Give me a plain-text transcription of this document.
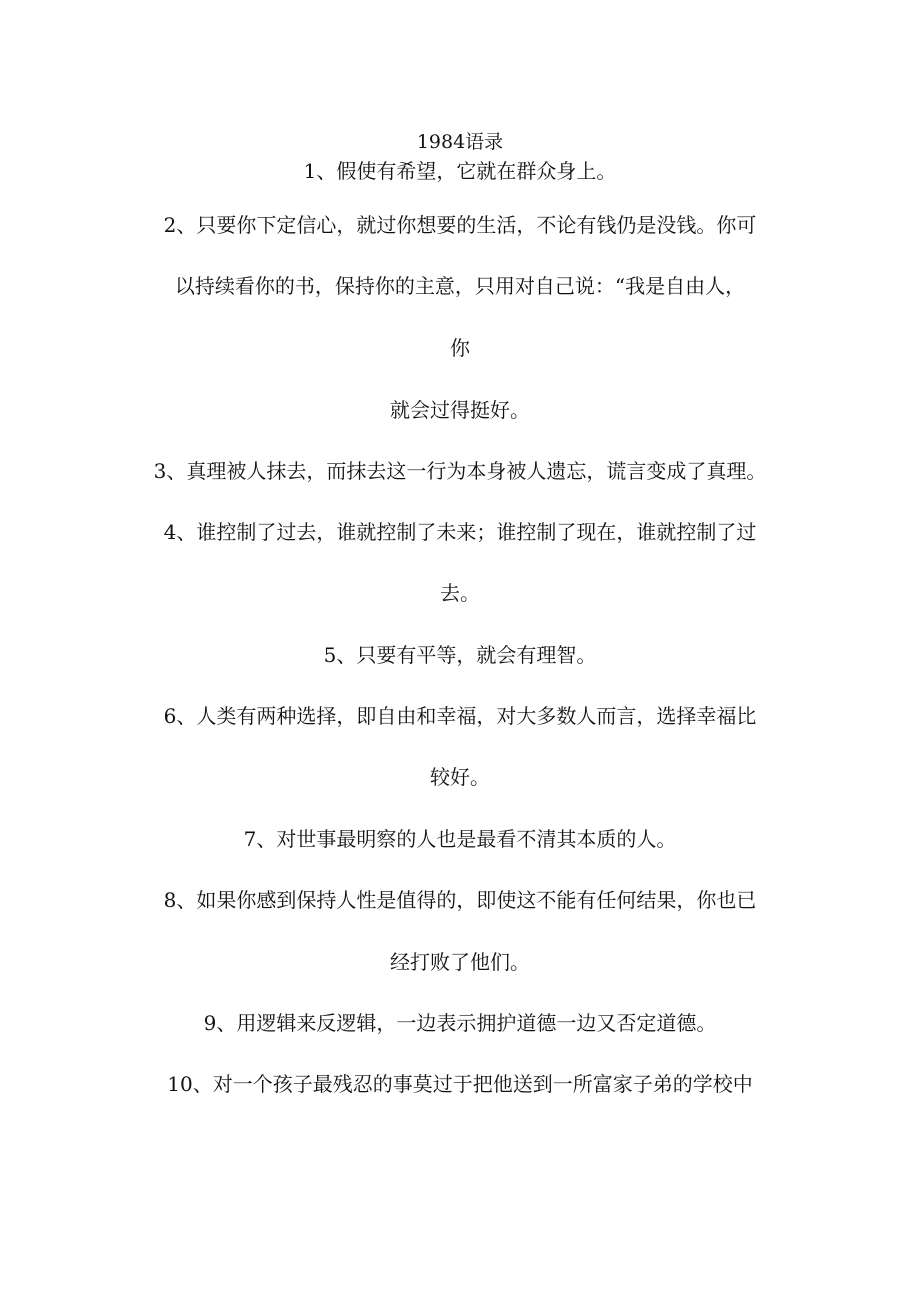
1984语录
1、假使有希望，它就在群众身上。
2、只要你下定信心，就过你想要的生活，不论有钱仍是没钱。你可
以持续看你的书，保持你的主意，只用对自己说：“我是自由人，
你
就会过得挺好。
3、真理被人抹去，而抹去这一行为本身被人遗忘，谎言变成了真理。
4、谁控制了过去，谁就控制了未来；谁控制了现在，谁就控制了过
去。
5、只要有平等，就会有理智。
6、人类有两种选择，即自由和幸福，对大多数人而言，选择幸福比
较好。
7、对世事最明察的人也是最看不清其本质的人。
8、如果你感到保持人性是值得的，即使这不能有任何结果，你也已
经打败了他们。
9、用逻辑来反逻辑，一边表示拥护道德一边又否定道德。
10、对一个孩子最残忍的事莫过于把他送到一所富家子弟的学校中
